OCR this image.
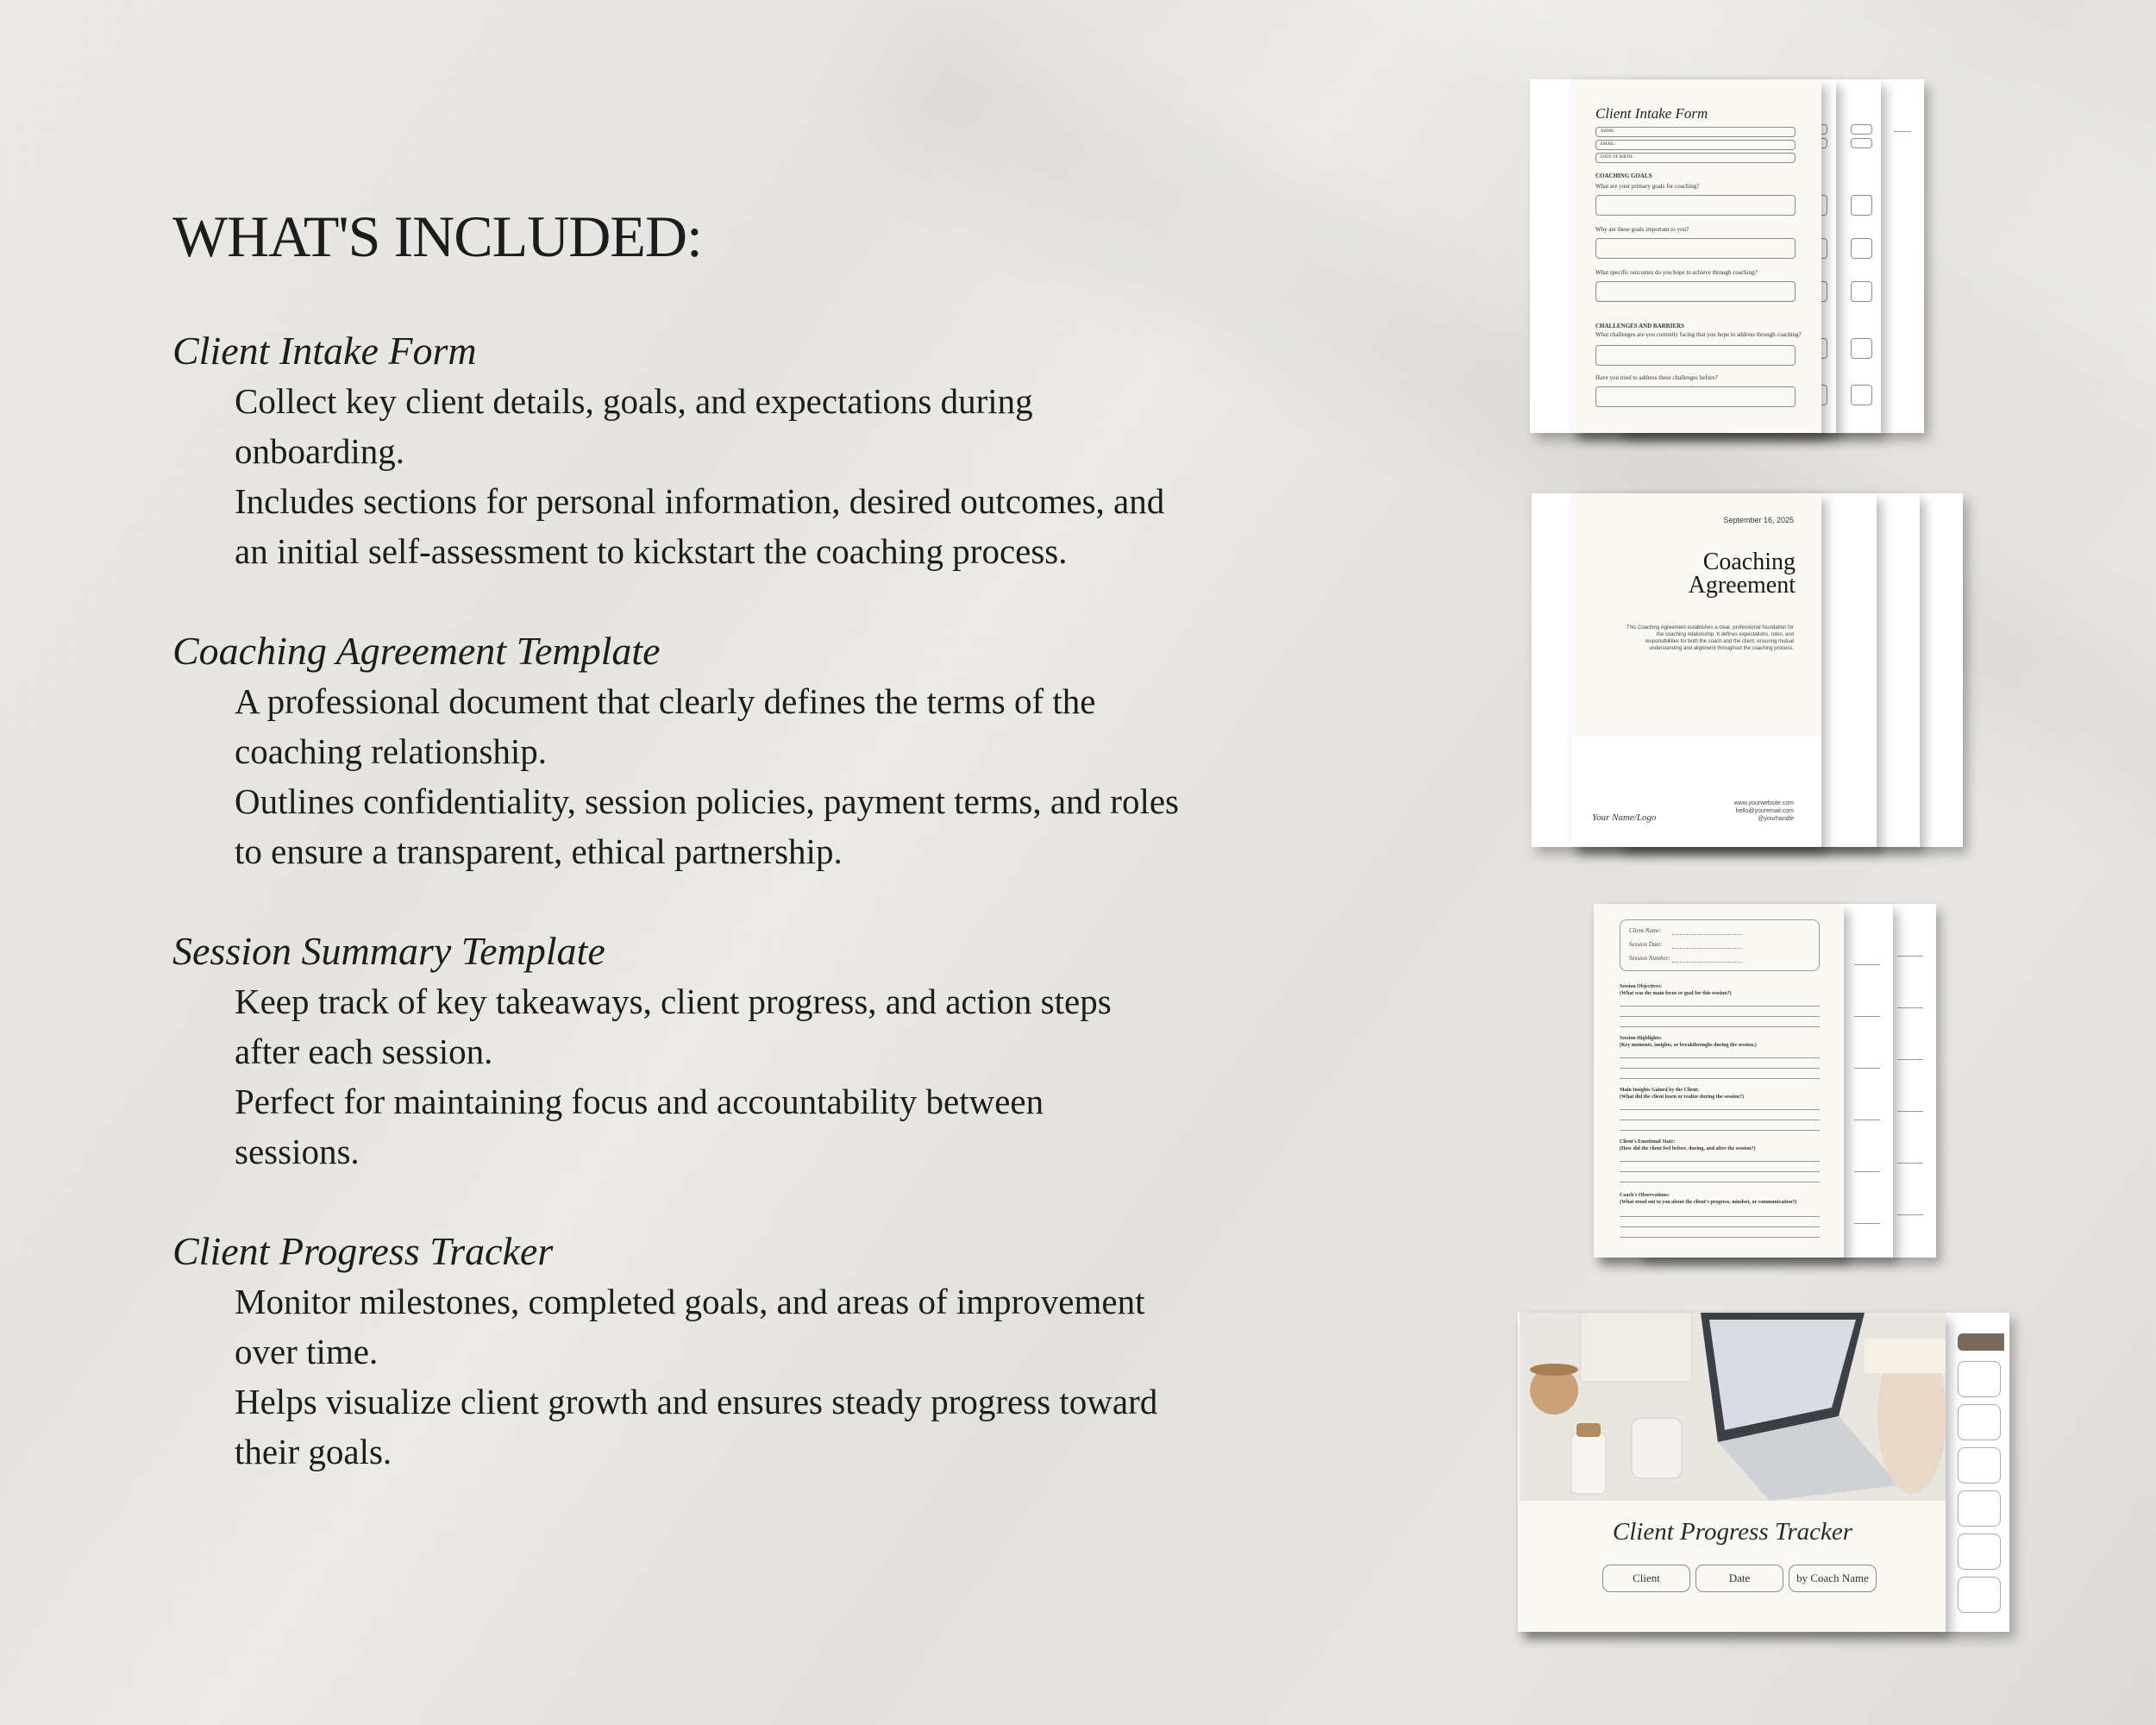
WHAT'S INCLUDED:
Client Intake Form

Collect key client details, goals, and expectations during

onboarding.

Includes sections for personal information, desired outcomes, and

an initial self-assessment to kickstart the coaching process.

Coaching Agreement Template

A professional document that clearly defines the terms of the

coaching relationship.

Outlines confidentiality, session policies, payment terms, and roles

to ensure a transparent, ethical partnership.

Session Summary Template

Keep track of key takeaways, client progress, and action steps

after each session.

Perfect for maintaining focus and accountability between

sessions.

Client Progress Tracker

Monitor milestones, completed goals, and areas of improvement

over time.

Helps visualize client growth and ensures steady progress toward

their goals.

Client Intake Form
NAME:
EMAIL:
DATE OF BIRTH:
COACHING GOALS
What are your primary goals for coaching?
Why are these goals important to you?
What specific outcomes do you hope to achieve through coaching?
CHALLENGES AND BARRIERS
What challenges are you currently facing that you hope to address through coaching?
Have you tried to address these challenges before?
September 16, 2025
Coaching
Agreement
This Coaching Agreement establishes a clear, professional foundation for the coaching relationship. It defines expectations, roles, and responsibilities for both the coach and the client, ensuring mutual understanding and alignment throughout the coaching process.
Your Name/Logo
www.yourwebsite.com
hello@youremail.com
@yourhandle
Client Name:
Session Date:
Session Number:
Session Objectives:
(What was the main focus or goal for this session?)
Session Highlights:
(Key moments, insights, or breakthroughs during the session.)
Main Insights Gained by the Client:
(What did the client learn or realize during the session?)
Client's Emotional State:
(How did the client feel before, during, and after the session?)
Coach's Observations:
(What stood out to you about the client's progress, mindset, or communication?)
Client Progress Tracker
Client	Date	by Coach Name
